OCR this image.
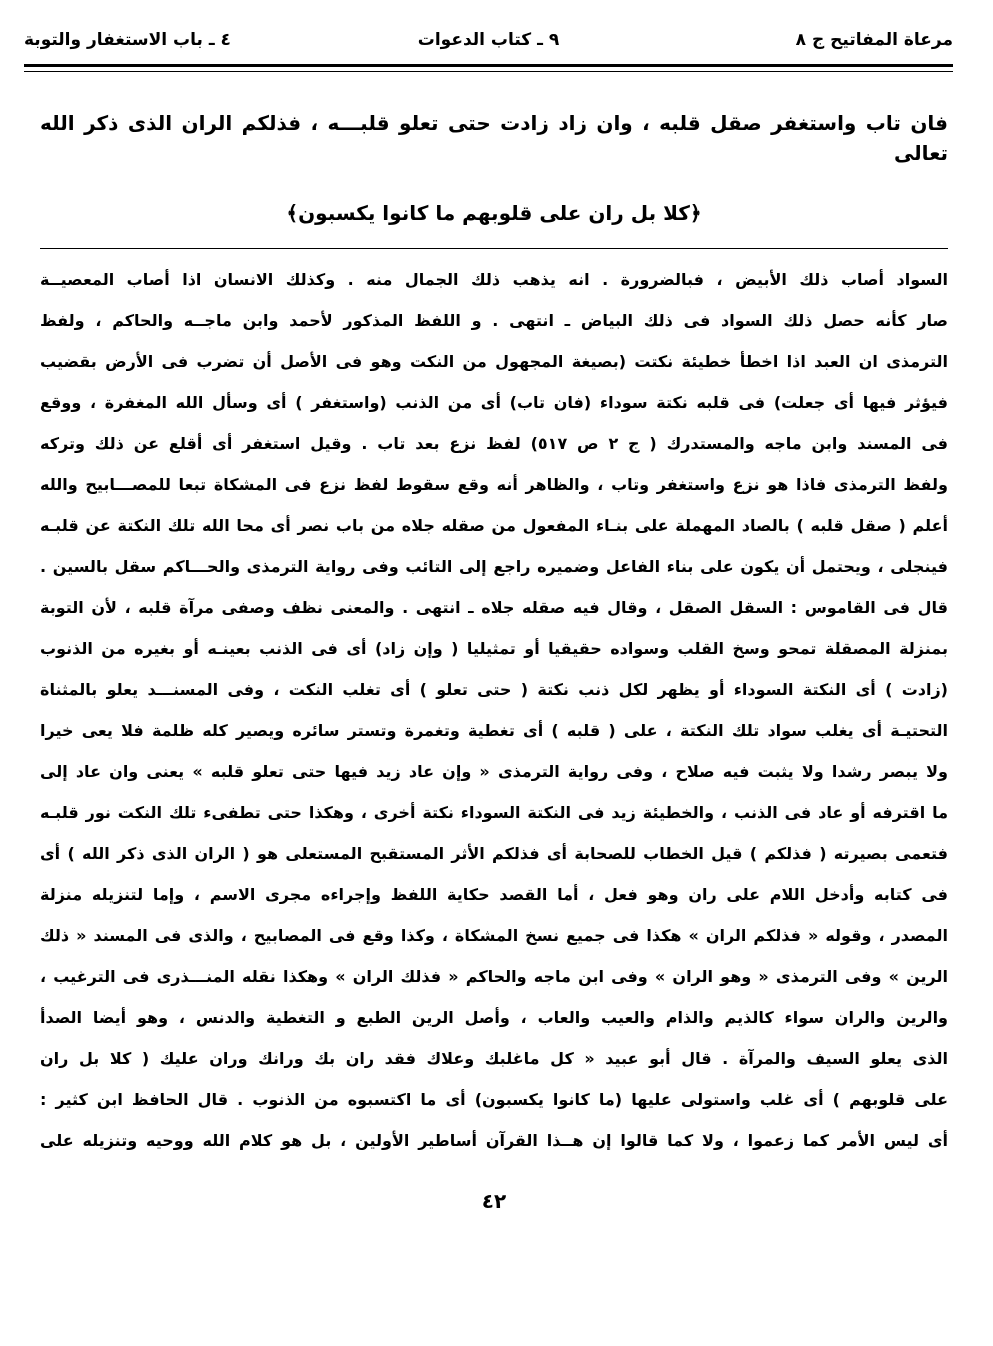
مرعاة المفاتيح ج ٨
٩ ـ كتاب الدعوات
٤ ـ باب الاستغفار والتوبة
فان تاب واستغفر صقل قلبه ، وان زاد زادت حتى تعلو قلبـــه ، فذلكم الران الذى ذكر الله تعالى
﴿كلا بل ران على قلوبهم ما كانوا يكسبون﴾
السواد أصاب ذلك الأبيض ، فبالضرورة . انه يذهب ذلك الجمال منه . وكذلك الانسان اذا أصاب المعصيــة
صار كأنه حصل ذلك السواد فى ذلك البياض ـ انتهى . و اللفظ المذكور لأحمد وابن ماجــه والحاكم ، ولفظ
الترمذى ان العبد اذا اخطأ خطيئة نكتت (بصيغة المجهول من النكت وهو فى الأصل أن تضرب فى الأرض بقضيب
فيؤثر فيها أى جعلت) فى قلبه نكتة سوداء (فان تاب) أى من الذنب (واستغفر ) أى وسأل الله المغفرة ، ووقع
فى المسند وابن ماجه والمستدرك ( ج ٢ ص ٥١٧) لفظ نزع بعد تاب . وقيل استغفر أى أقلع عن ذلك وتركه
ولفظ الترمذى فاذا هو نزع واستغفر وتاب ، والظاهر أنه وقع سقوط لفظ نزع فى المشكاة تبعا للمصـــابيح والله
أعلم ( صقل قلبه ) بالصاد المهملة على بنـاء المفعول من صقله جلاه من باب نصر أى محا الله تلك النكتة عن قلبـه
فينجلى ، ويحتمل أن يكون على بناء الفاعل وضميره راجع إلى التائب وفى رواية الترمذى والحـــاكم سقل بالسين .
قال فى القاموس : السقل الصقل ، وقال فيه صقله جلاه ـ انتهى . والمعنى نظف وصفى مرآة قلبه ، لأن التوبة
بمنزلة المصقلة تمحو وسخ القلب وسواده حقيقيا أو تمثيليا ( وإن زاد) أى فى الذنب بعينـه أو بغيره من الذنوب
(زادت ) أى النكتة السوداء أو يظهر لكل ذنب نكتة ( حتى تعلو ) أى تغلب النكت ، وفى المسنـــد يعلو بالمثناة
التحتيـة أى يغلب سواد تلك النكتة ، على ( قلبه ) أى تغطية وتغمرة وتستر سائره ويصير كله ظلمة فلا يعى خيرا
ولا يبصر رشدا ولا يثبت فيه صلاح ، وفى رواية الترمذى « وإن عاد زيد فيها حتى تعلو قلبه » يعنى وان عاد إلى
ما اقترفه أو عاد فى الذنب ، والخطيئة زيد فى النكتة السوداء نكتة أخرى ، وهكذا حتى تطفىء تلك النكت نور قلبـه
فتعمى بصيرته ( فذلكم ) قيل الخطاب للصحابة أى فذلكم الأثر المستقبح المستعلى هو ( الران الذى ذكر الله ) أى
فى كتابه وأدخل اللام على ران وهو فعل ، أما القصد حكاية اللفظ وإجراءه مجرى الاسم ، وإما لتنزيله منزلة
المصدر ، وقوله « فذلكم الران » هكذا فى جميع نسخ المشكاة ، وكذا وقع فى المصابيح ، والذى فى المسند « ذلك
الرين » وفى الترمذى « وهو الران » وفى ابن ماجه والحاكم « فذلك الران » وهكذا نقله المنـــذرى فى الترغيب ،
والرين والران سواء كالذيم والذام والعيب والعاب ، وأصل الرين الطبع و التغطية والدنس ، وهو أيضا الصدأ
الذى يعلو السيف والمرآة . قال أبو عبيد « كل ماغلبك وعلاك فقد ران بك ورانك وران عليك ( كلا بل ران
على قلوبهم ) أى غلب واستولى عليها (ما كانوا يكسبون) أى ما اكتسبوه من الذنوب . قال الحافظ ابن كثير :
أى ليس الأمر كما زعموا ، ولا كما قالوا إن هــذا القرآن أساطير الأولين ، بل هو كلام الله ووحيه وتنزيله على
٤٢
